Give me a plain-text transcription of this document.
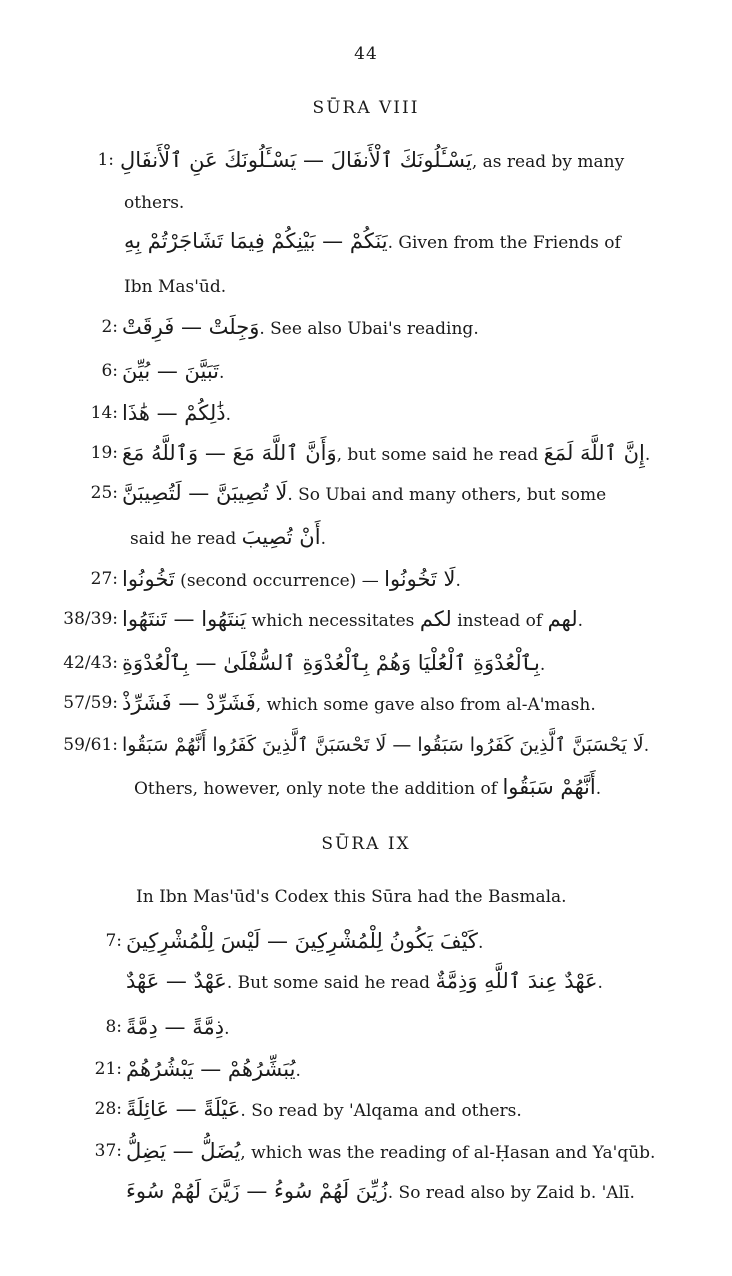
44
SŪRA VIII
1: يَسْـَٔلُونَكَ ٱلْأَنفَالَ — يَسْـَٔلُونَكَ عَنِ ٱلْأَنفَالِ, as read by many
others.
يَنَكُمْ — بَيْنِكُمْ فِيمَا تَشَاجَرْتُمْ بِهِ. Given from the Friends of
Ibn Mas'ūd.
2: وَجِلَتْ — فَرِقَتْ. See also Ubai's reading.
6: تَبَيَّنَ — بُيِّنَ.
14: ذَٰلِكُمْ — هَٰذَا.
19: وَأَنَّ ٱللَّهَ مَعَ — وَٱللَّهُ مَعَ, but some said he read إِنَّ ٱللَّهَ لَمَعَ.
25: لَا تُصِيبَنَّ — لَتُصِيبَنَّ. So Ubai and many others, but some
said he read أَنْ تُصِيبَ.
27: تَخُونُوا (second occurrence) — لَا تَخُونُوا.
38/39: يَنتَهُوا — تَنتَهُوا which necessitates لكم instead of لهم.
42/43: بِٱلْعُدْوَةِ ٱلْعُلْيَا وَهُمْ بِٱلْعُدْوَةِ ٱلسُّفْلَىٰ — بِٱلْعُدْوَةِ.
57/59: فَشَرِّدْ — فَشَرِّذْ, which some gave also from al-A'mash.
59/61: لَا يَحْسَبَنَّ ٱلَّذِينَ كَفَرُوا سَبَقُوا — لَا تَحْسَبَنَّ ٱلَّذِينَ كَفَرُوا أَنَّهُمْ سَبَقُوا.
Others, however, only note the addition of أَنَّهُمْ سَبَقُوا.
SŪRA IX
In Ibn Mas'ūd's Codex this Sūra had the Basmala.
7: كَيْفَ يَكُونُ لِلْمُشْرِكِينَ — لَيْسَ لِلْمُشْرِكِينَ.
عَهْدٌ — عَهْدٌ. But some said he read عَهْدٌ عِندَ ٱللَّهِ وَذِمَّةٌ.
8: ذِمَّةً — دِمَّةً.
21: يُبَشِّرُهُمْ — يَبْشُرُهُمْ.
28: عَيْلَةً — عَائِلَةً. So read by 'Alqama and others.
37: يُضَلُّ — يَضِلُّ, which was the reading of al-Ḥasan and Ya'qūb.
زُيِّنَ لَهُمْ سُوءُ — زَيَّنَ لَهُمْ سُوءَ. So read also by Zaid b. 'Alī.
